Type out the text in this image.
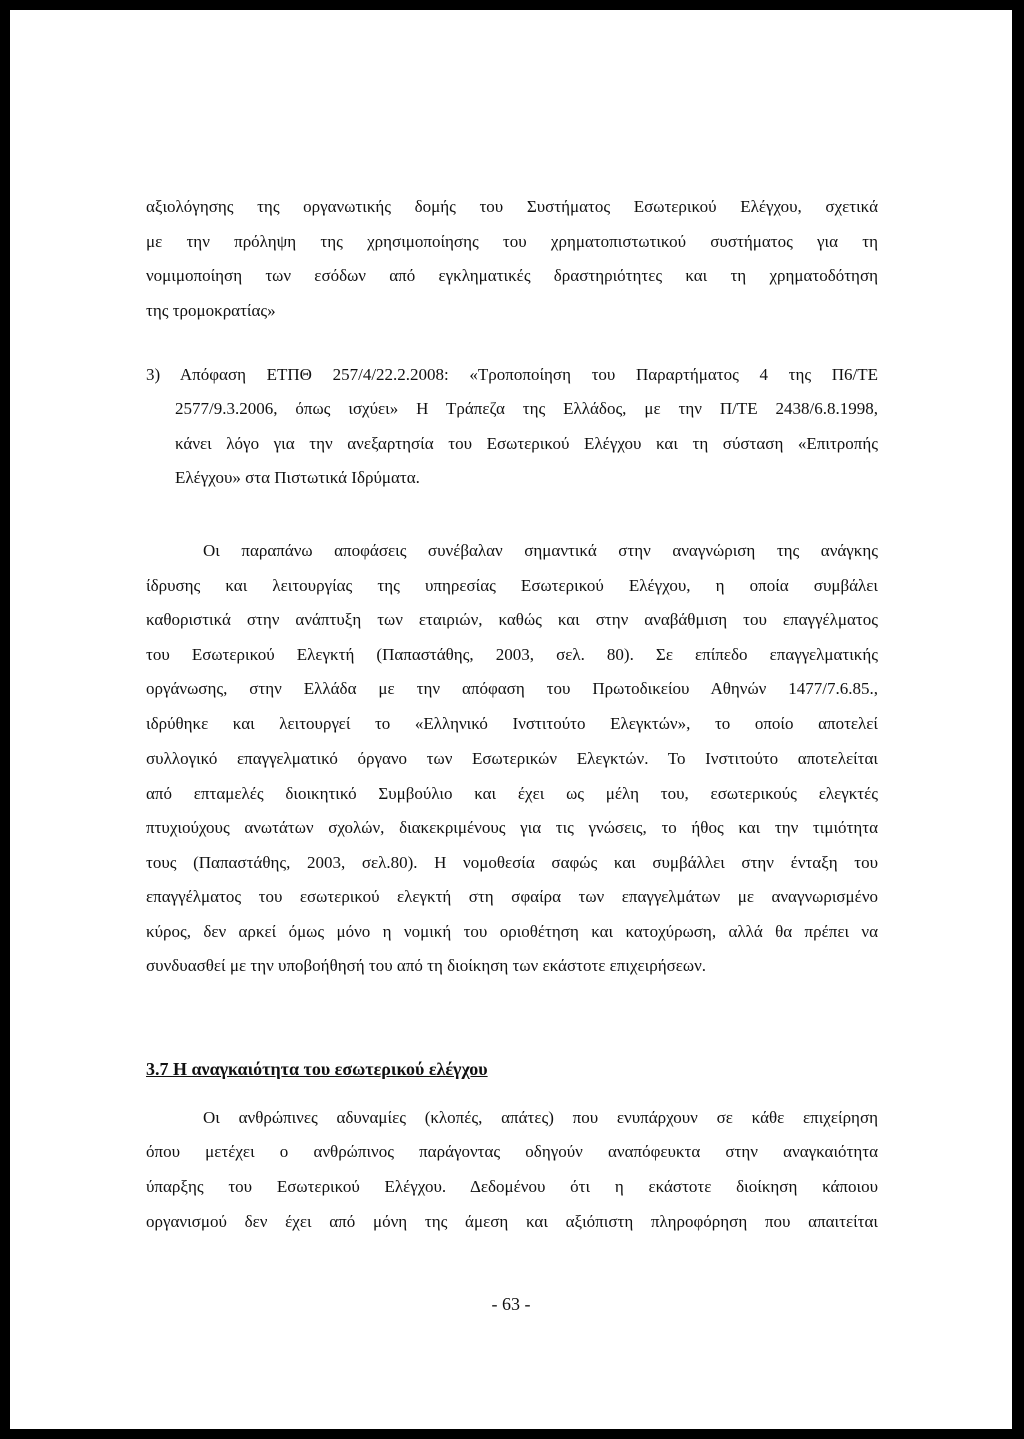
αξιολόγησης της οργανωτικής δομής του Συστήματος Εσωτερικού Ελέγχου, σχετικά
με την πρόληψη της χρησιμοποίησης του χρηματοπιστωτικού συστήματος για τη
νομιμοποίηση των εσόδων από εγκληματικές δραστηριότητες και τη χρηματοδότηση
της τρομοκρατίας»
3) Απόφαση ΕΤΠΘ 257/4/22.2.2008: «Τροποποίηση του Παραρτήματος 4 της Π6/ΤΕ
2577/9.3.2006, όπως ισχύει» Η Τράπεζα της Ελλάδος, με την Π/ΤΕ 2438/6.8.1998,
κάνει λόγο για την ανεξαρτησία του Εσωτερικού Ελέγχου και τη σύσταση «Επιτροπής
Ελέγχου» στα Πιστωτικά Ιδρύματα.
Οι παραπάνω αποφάσεις συνέβαλαν σημαντικά στην αναγνώριση της ανάγκης
ίδρυσης και λειτουργίας της υπηρεσίας Εσωτερικού Ελέγχου, η οποία συμβάλει
καθοριστικά στην ανάπτυξη των εταιριών, καθώς και στην αναβάθμιση του επαγγέλματος
του Εσωτερικού Ελεγκτή (Παπαστάθης, 2003, σελ. 80). Σε επίπεδο επαγγελματικής
οργάνωσης, στην Ελλάδα με την απόφαση του Πρωτοδικείου Αθηνών 1477/7.6.85.,
ιδρύθηκε και λειτουργεί το «Ελληνικό Ινστιτούτο Ελεγκτών», το οποίο αποτελεί
συλλογικό επαγγελματικό όργανο των Εσωτερικών Ελεγκτών. Το Ινστιτούτο αποτελείται
από επταμελές διοικητικό Συμβούλιο και έχει ως μέλη του, εσωτερικούς ελεγκτές
πτυχιούχους ανωτάτων σχολών, διακεκριμένους για τις γνώσεις, το ήθος και την τιμιότητα
τους (Παπαστάθης, 2003, σελ.80). Η νομοθεσία σαφώς και συμβάλλει στην ένταξη του
επαγγέλματος του εσωτερικού ελεγκτή στη σφαίρα των επαγγελμάτων με αναγνωρισμένο
κύρος, δεν αρκεί όμως μόνο η νομική του οριοθέτηση και κατοχύρωση, αλλά θα πρέπει να
συνδυασθεί με την υποβοήθησή του από τη διοίκηση των εκάστοτε επιχειρήσεων.
3.7 Η αναγκαιότητα του εσωτερικού ελέγχου
Οι ανθρώπινες αδυναμίες (κλοπές, απάτες) που ενυπάρχουν σε κάθε επιχείρηση
όπου μετέχει ο ανθρώπινος παράγοντας οδηγούν αναπόφευκτα στην αναγκαιότητα
ύπαρξης του Εσωτερικού Ελέγχου. Δεδομένου ότι η εκάστοτε διοίκηση κάποιου
οργανισμού δεν έχει από μόνη της άμεση και αξιόπιστη πληροφόρηση που απαιτείται
- 63 -
